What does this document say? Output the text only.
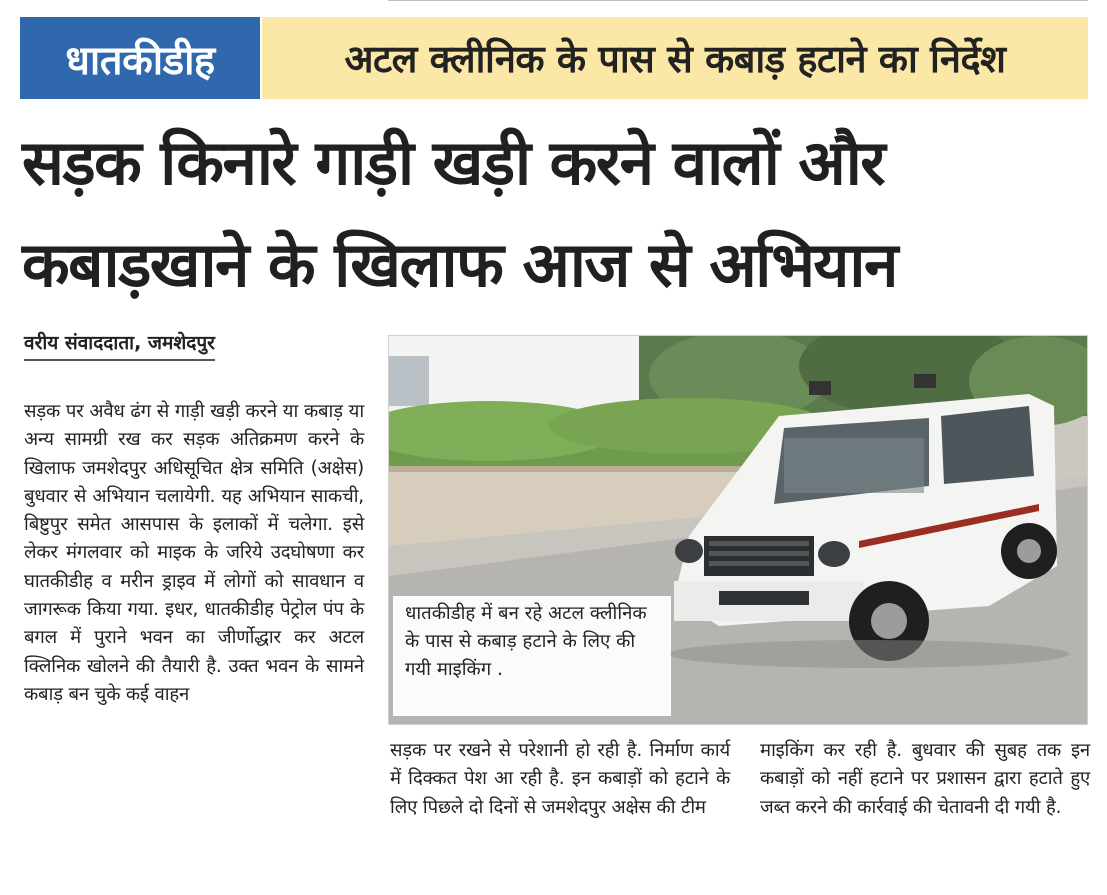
धातकीडीह	अटल क्लीनिक के पास से कबाड़ हटाने का निर्देश
सड़क किनारे गाड़ी खड़ी करने वालों और
कबाड़खाने के खिलाफ आज से अभियान
वरीय संवाददाता, जमशेदपुर
सड़क पर अवैध ढंग से गाड़ी खड़ी करने या कबाड़ या अन्य सामग्री रख कर सड़क अतिक्रमण करने के खिलाफ जमशेदपुर अधिसूचित क्षेत्र समिति (अक्षेस) बुधवार से अभियान चलायेगी. यह अभियान साकची, बिष्टुपुर समेत आसपास के इलाकों में चलेगा. इसे लेकर मंगलवार को माइक के जरिये उदघोषणा कर घातकीडीह व मरीन ड्राइव में लोगों को सावधान व जागरूक किया गया. इधर, धातकीडीह पेट्रोल पंप के बगल में पुराने भवन का जीर्णोद्धार कर अटल क्लिनिक खोलने की तैयारी है. उक्त भवन के सामने कबाड़ बन चुके कई वाहन
धातकीडीह में बन रहे अटल क्लीनिक के पास से कबाड़ हटाने के लिए की गयी माइकिंग .
सड़क पर रखने से परेशानी हो रही है. निर्माण कार्य में दिक्कत पेश आ रही है. इन कबाड़ों को हटाने के लिए पिछले दो दिनों से जमशेदपुर अक्षेस की टीम
माइकिंग कर रही है. बुधवार की सुबह तक इन कबाड़ों को नहीं हटाने पर प्रशासन द्वारा हटाते हुए जब्त करने की कार्रवाई की चेतावनी दी गयी है.
